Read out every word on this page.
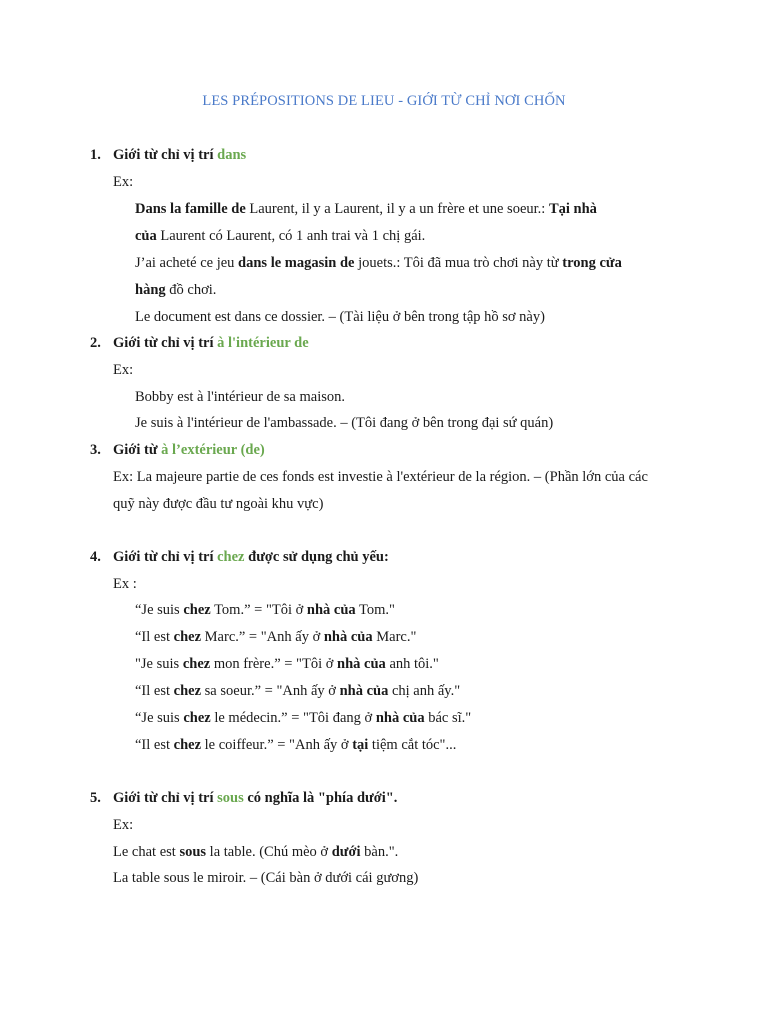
LES PRÉPOSITIONS DE LIEU - GIỚI TỪ CHỈ NƠI CHỐN
1. Giới từ chỉ vị trí dans
Ex:
Dans la famille de Laurent, il y a Laurent, il y a un frère et une soeur.: Tại nhà
của Laurent có Laurent, có 1 anh trai và 1 chị gái.
J’ai acheté ce jeu dans le magasin de jouets.: Tôi đã mua trò chơi này từ trong cửa
hàng đồ chơi.
Le document est dans ce dossier. – (Tài liệu ở bên trong tập hồ sơ này)
2. Giới từ chỉ vị trí à l'intérieur de
Ex:
Bobby est à l'intérieur de sa maison.
Je suis à l'intérieur de l'ambassade. – (Tôi đang ở bên trong đại sứ quán)
3. Giới từ à l’extérieur (de)
Ex: La majeure partie de ces fonds est investie à l'extérieur de la région. – (Phần lớn của các
quỹ này được đầu tư ngoài khu vực)
4. Giới từ chỉ vị trí chez được sử dụng chủ yếu:
Ex :
“Je suis chez Tom.” = "Tôi ở nhà của Tom."
“Il est chez Marc.” = "Anh ấy ở nhà của Marc."
"Je suis chez mon frère.” = "Tôi ở nhà của anh tôi."
“Il est chez sa soeur.” = "Anh ấy ở nhà của chị anh ấy."
“Je suis chez le médecin.” = "Tôi đang ở nhà của bác sĩ."
“Il est chez le coiffeur.” = "Anh ấy ở tại tiệm cắt tóc"...
5. Giới từ chỉ vị trí sous có nghĩa là "phía dưới".
Ex:
Le chat est sous la table. (Chú mèo ở dưới bàn.".
La table sous le miroir. – (Cái bàn ở dưới cái gương)
